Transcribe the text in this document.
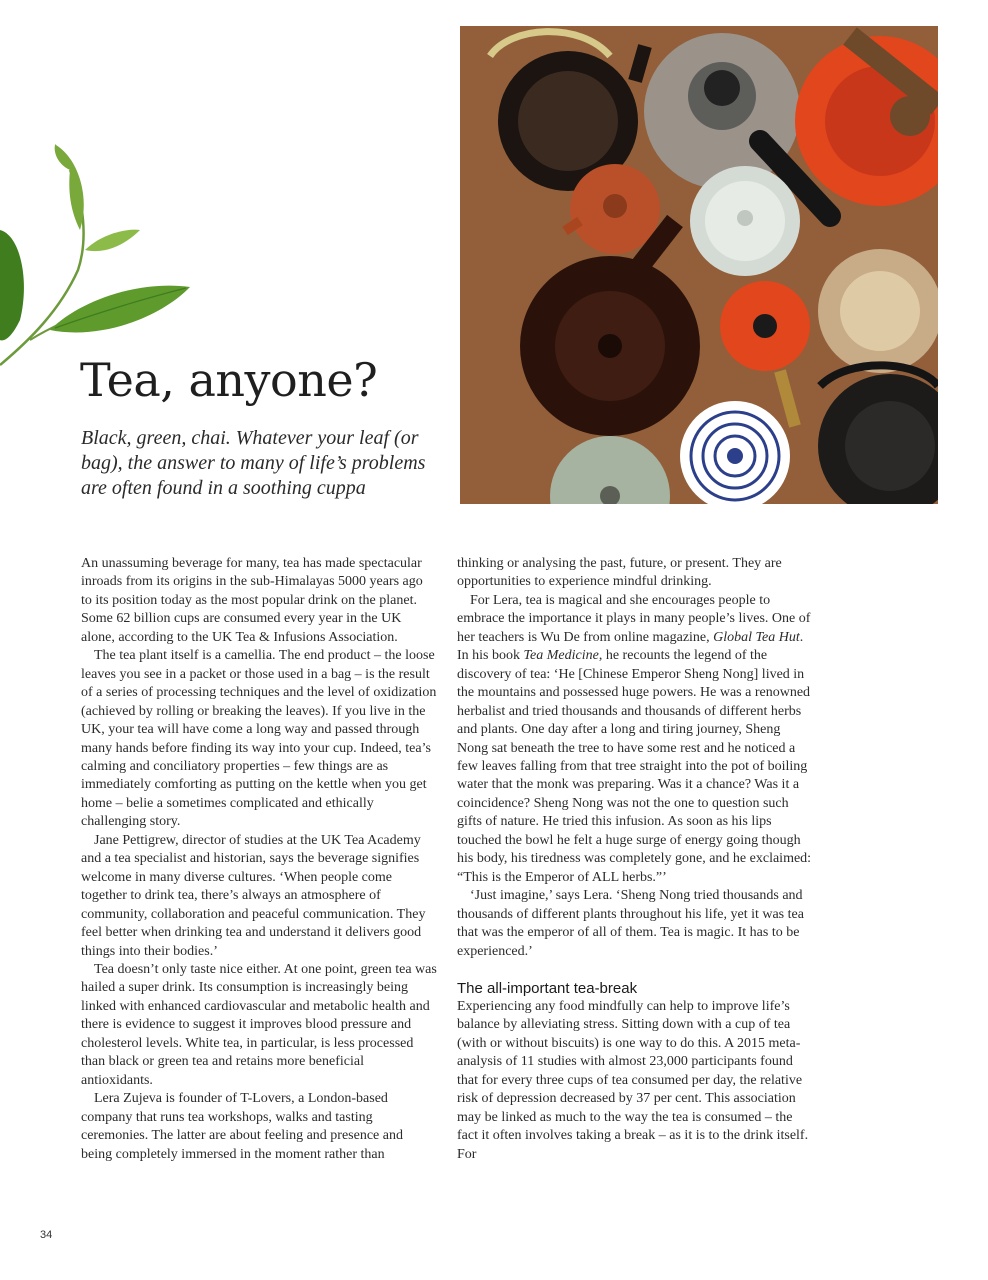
Tea, anyone?

Black, green, chai. Whatever your leaf (or bag), the answer to many of life’s problems are often found in a soothing cuppa

An unassuming beverage for many, tea has made spectacular inroads from its origins in the sub-Himalayas 5000 years ago to its position today as the most popular drink on the planet. Some 62 billion cups are consumed every year in the UK alone, according to the UK Tea & Infusions Association.

The tea plant itself is a camellia. The end product – the loose leaves you see in a packet or those used in a bag – is the result of a series of processing techniques and the level of oxidization (achieved by rolling or breaking the leaves). If you live in the UK, your tea will have come a long way and passed through many hands before finding its way into your cup. Indeed, tea’s calming and conciliatory properties – few things are as immediately comforting as putting on the kettle when you get home – belie a sometimes complicated and ethically challenging story.

Jane Pettigrew, director of studies at the UK Tea Academy and a tea specialist and historian, says the beverage signifies welcome in many diverse cultures. ‘When people come together to drink tea, there’s always an atmosphere of community, collaboration and peaceful communication. They feel better when drinking tea and understand it delivers good things into their bodies.’

Tea doesn’t only taste nice either. At one point, green tea was hailed a super drink. Its consumption is increasingly being linked with enhanced cardiovascular and metabolic health and there is evidence to suggest it improves blood pressure and cholesterol levels. White tea, in particular, is less processed than black or green tea and retains more beneficial antioxidants.

Lera Zujeva is founder of T-Lovers, a London-based company that runs tea workshops, walks and tasting ceremonies. The latter are about feeling and presence and being completely immersed in the moment rather than

thinking or analysing the past, future, or present. They are opportunities to experience mindful drinking.

For Lera, tea is magical and she encourages people to embrace the importance it plays in many people’s lives. One of her teachers is Wu De from online magazine, Global Tea Hut. In his book Tea Medicine, he recounts the legend of the discovery of tea: ‘He [Chinese Emperor Sheng Nong] lived in the mountains and possessed huge powers. He was a renowned herbalist and tried thousands and thousands of different herbs and plants. One day after a long and tiring journey, Sheng Nong sat beneath the tree to have some rest and he noticed a few leaves falling from that tree straight into the pot of boiling water that the monk was preparing. Was it a chance? Was it a coincidence? Sheng Nong was not the one to question such gifts of nature. He tried this infusion. As soon as his lips touched the bowl he felt a huge surge of energy going though his body, his tiredness was completely gone, and he exclaimed: “This is the Emperor of ALL herbs.”’

‘Just imagine,’ says Lera. ‘Sheng Nong tried thousands and thousands of different plants throughout his life, yet it was tea that was the emperor of all of them. Tea is magic. It has to be experienced.’

The all-important tea-break

Experiencing any food mindfully can help to improve life’s balance by alleviating stress. Sitting down with a cup of tea (with or without biscuits) is one way to do this. A 2015 meta-analysis of 11 studies with almost 23,000 participants found that for every three cups of tea consumed per day, the relative risk of depression decreased by 37 per cent. This association may be linked as much to the way the tea is consumed – the fact it often involves taking a break – as it is to the drink itself. For

34
